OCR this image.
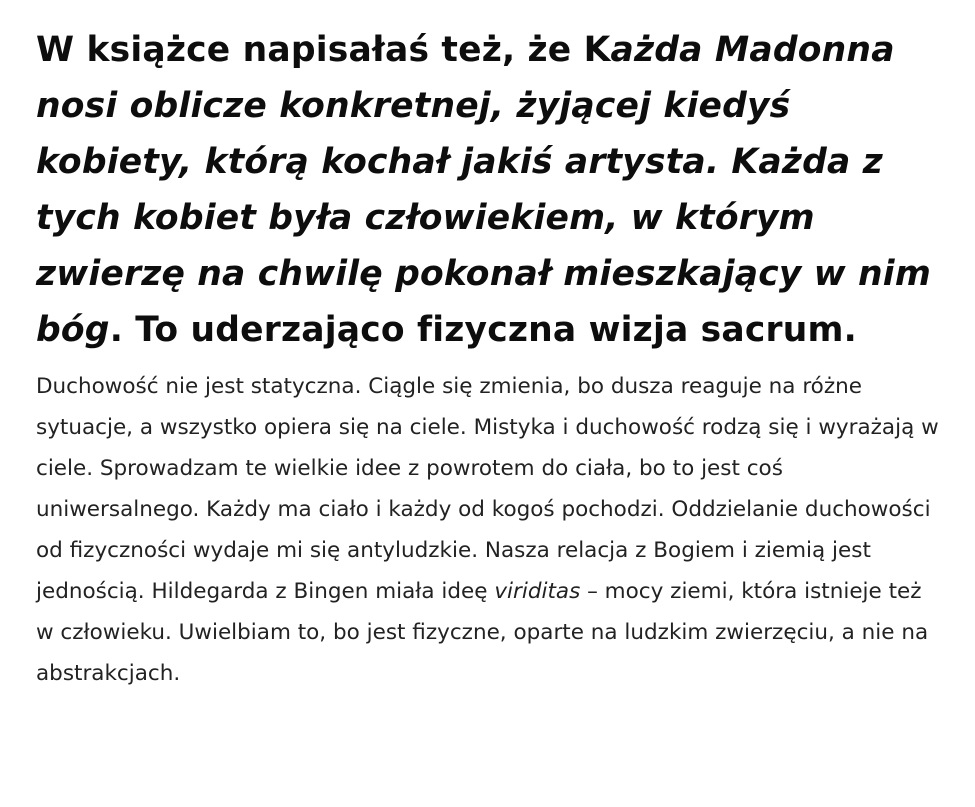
W książce napisałaś też, że Każda Madonna nosi oblicze konkretnej, żyjącej kiedyś kobiety, którą kochał jakiś artysta. Każda z tych kobiet była człowiekiem, w którym zwierzę na chwilę pokonał mieszkający w nim bóg. To uderzająco fizyczna wizja sacrum.

Duchowość nie jest statyczna. Ciągle się zmienia, bo dusza reaguje na różne sytuacje, a wszystko opiera się na ciele. Mistyka i duchowość rodzą się i wyrażają w ciele. Sprowadzam te wielkie idee z powrotem do ciała, bo to jest coś uniwersalnego. Każdy ma ciało i każdy od kogoś pochodzi. Oddzielanie duchowości od fizyczności wydaje mi się antyludzkie. Nasza relacja z Bogiem i ziemią jest jednością. Hildegarda z Bingen miała ideę viriditas – mocy ziemi, która istnieje też w człowieku. Uwielbiam to, bo jest fizyczne, oparte na ludzkim zwierzęciu, a nie na abstrakcjach.
